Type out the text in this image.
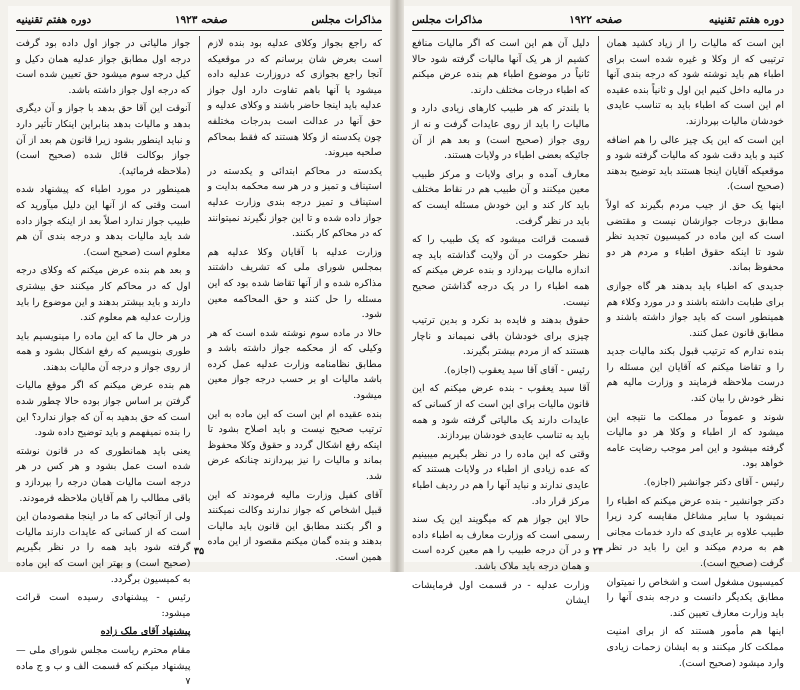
مذاکرات مجلس
صفحه ۱۹۲۳
دوره هفتم تقنینیه

که راجع بجواز وکلای عدلیه بود بنده لازم است بعرض شان برسانم که در موقعیکه آنجا راجع بجوازی که دروزارت عدلیه داده میشود یا آنها باهم تفاوت دارد اول جواز عدلیه باید اینجا حاضر باشند و وکلای عدلیه و حق آنها در عدالت است بدرجات مختلفه چون یکدسته از وکلا هستند که فقط بمحاکم صلحیه میروند.

یکدسته در محاکم ابتدائی و یکدسته در استیناف و تمیز و در هر سه محکمه بدایت و استیناف و تمیز درجه بندی وزارت عدلیه جواز داده شده و تا این جواز نگیرند نمیتوانند که در محاکم کار بکنند.

وزارت عدلیه با آقایان وکلا عدلیه هم بمجلس شورای ملی که تشریف داشتند مذاکره شده و از آنها تقاضا شده بود که این مسئله را حل کنند و حق المحاکمه معین شود.

حالا در ماده سوم نوشته شده است که هر وکیلی که از محکمه جواز داشته باشد و مطابق نظامنامه وزارت عدلیه عمل کرده باشد مالیات او بر حسب درجه جواز معین میشود.

بنده عقیده ام این است که این ماده به این ترتیب صحیح نیست و باید اصلاح بشود تا اینکه رفع اشکال گردد و حقوق وکلا محفوظ بماند و مالیات را نیز بپردازند چنانکه عرض شد.

آقای کفیل وزارت مالیه فرمودند که این قبیل اشخاص که جواز ندارند وکالت نمیکنند و اگر بکنند مطابق این قانون باید مالیات بدهند و بنده گمان میکنم مقصود از این ماده همین است.

جواز مالیاتی در جواز اول داده بود گرفت درجه اول مطابق جواز عدلیه همان دکیل و کیل درجه سوم میشود حق تعیین شده است که درجه اول جواز داشته باشد.

آنوقت این آقا حق بدهد با جواز و آن دیگری بدهد و مالیات بدهد بنابراین اینکار تأثیر دارد و نباید اینطور بشود زیرا قانون هم بعد از آن جواز بوکالت قائل شده (صحیح است) (ملاحظه فرمائید).

همینطور در مورد اطباء که پیشنهاد شده است وقتی که از آنها این دلیل میآورید که طبیب جواز ندارد اصلاً بعد از اینکه جواز داده شد باید مالیات بدهد و درجه بندی آن هم معلوم است (صحیح است).

و بعد هم بنده عرض میکنم که وکلای درجه اول که در محاکم کار میکنند حق بیشتری دارند و باید بیشتر بدهند و این موضوع را باید وزارت عدلیه هم معلوم کند.

در هر حال ما که این ماده را مینویسیم باید طوری بنویسیم که رفع اشکال بشود و همه از روی جواز و درجه آن مالیات بدهند.

هم بنده عرض میکنم که اگر موقع مالیات گرفتن بر اساس جواز بوده حالا چطور شده است که حق بدهید به آن که جواز ندارد؟ این را بنده نمیفهمم و باید توضیح داده شود.

یعنی باید همانطوری که در قانون نوشته شده است عمل بشود و هر کس در هر درجه است مالیات همان درجه را بپردازد و باقی مطالب را هم آقایان ملاحظه فرمودند.

ولی از آنجائی که ما در اینجا مقصودمان این است که از کسانی که عایدات دارند مالیات گرفته شود باید همه را در نظر بگیریم (صحیح است) و بهتر این است که این ماده به کمیسیون برگردد.

رئیس - پیشنهادی رسیده است قرائت میشود:

پیشنهاد آقای ملک زاده

مقام محترم ریاست مجلس شورای ملی — پیشنهاد میکنم که قسمت الف و ب و ج ماده ۷

۳۵
دوره هفتم تقنینیه
صفحه ۱۹۲۲
مذاکرات مجلس

این است که مالیات را از زیاد کشید همان ترتیبی که از وکلا و غیره شده است برای اطباء هم باید نوشته شود که درجه بندی آنها در مالیه داخل کنیم این اول و ثانیاً بنده عقیده ام این است که اطباء باید به تناسب عایدی خودشان مالیات بپردازند.

این است که این یک چیز عالی را هم اضافه کنید و باید دقت شود که مالیات گرفته شود و موقعیکه آقایان اینجا هستند باید توضیح بدهند (صحیح است).

اینها یک حق از جیب مردم بگیرند که اولاً مطابق درجات جوازشان نیست و مقتضی است که این ماده در کمیسیون تجدید نظر شود تا اینکه حقوق اطباء و مردم هر دو محفوظ بماند.

جدیدی که اطباء باید بدهند هر گاه جوازی برای طبابت داشته باشند و در مورد وکلاء هم همینطور است که باید جواز داشته باشند و مطابق قانون عمل کنند.

بنده ندارم که ترتیب قبول بکند مالیات جدید را و تقاضا میکنم که آقایان این مسئله را درست ملاحظه فرمایند و وزارت مالیه هم نظر خودش را بیان کند.

شوند و عموماً در مملکت ما نتیجه این میشود که از اطباء و وکلا هر دو مالیات گرفته میشود و این امر موجب رضایت عامه خواهد بود.

رئیس - آقای دکتر جوانشیر (اجازه).

دکتر جوانشیر - بنده عرض میکنم که اطباء را نمیشود با سایر مشاغل مقایسه کرد زیرا طبیب علاوه بر عایدی که دارد خدمات مجانی هم به مردم میکند و این را باید در نظر گرفت (صحیح است).

کمیسیون مشغول است و اشخاص را نمیتوان مطابق یکدیگر دانست و درجه بندی آنها را باید وزارت معارف تعیین کند.

اینها هم مأمور هستند که از برای امنیت مملکت کار میکنند و به ایشان زحمات زیادی وارد میشود (صحیح است).

دلیل آن هم این است که اگر مالیات منافع کشیم از هر یک آنها مالیات گرفته شود حالا ثانیاً در موضوع اطباء هم بنده عرض میکنم که اطباء درجات مختلف دارند.

با بلندتر که هر طبیب کارهای زیادی دارد و مالیات را باید از روی عایدات گرفت و نه از روی جواز (صحیح است) و بعد هم از آن جائیکه بعضی اطباء در ولایات هستند.

معارف آمده و برای ولایات و مرکز طبیب معین میکنند و آن طبیب هم در نقاط مختلف باید کار کند و این خودش مسئله ایست که باید در نظر گرفت.

قسمت قرائت میشود که یک طبیب را که نظر حکومت در آن ولایت گذاشته باید چه اندازه مالیات بپردازد و بنده عرض میکنم که همه اطباء را در یک درجه گذاشتن صحیح نیست.

حقوق بدهند و فایده بد نکرد و بدین ترتیب چیزی برای خودشان باقی نمیماند و ناچار هستند که از مردم بیشتر بگیرند.

رئیس - آقای آقا سید یعقوب (اجازه).

آقا سید یعقوب - بنده عرض میکنم که این قانون مالیات برای این است که از کسانی که عایدات دارند یک مالیاتی گرفته شود و همه باید به تناسب عایدی خودشان بپردازند.

وقتی که این ماده را در نظر بگیریم میبینیم که عده زیادی از اطباء در ولایات هستند که عایدی ندارند و نباید آنها را هم در ردیف اطباء مرکز قرار داد.

حالا این جواز هم که میگویند این یک سند رسمی است که وزارت معارف به اطباء داده و در آن درجه طبیب را هم معین کرده است و همان درجه باید ملاک باشد.

وزارت عدلیه - در قسمت اول فرمایشات ایشان

۲۴
